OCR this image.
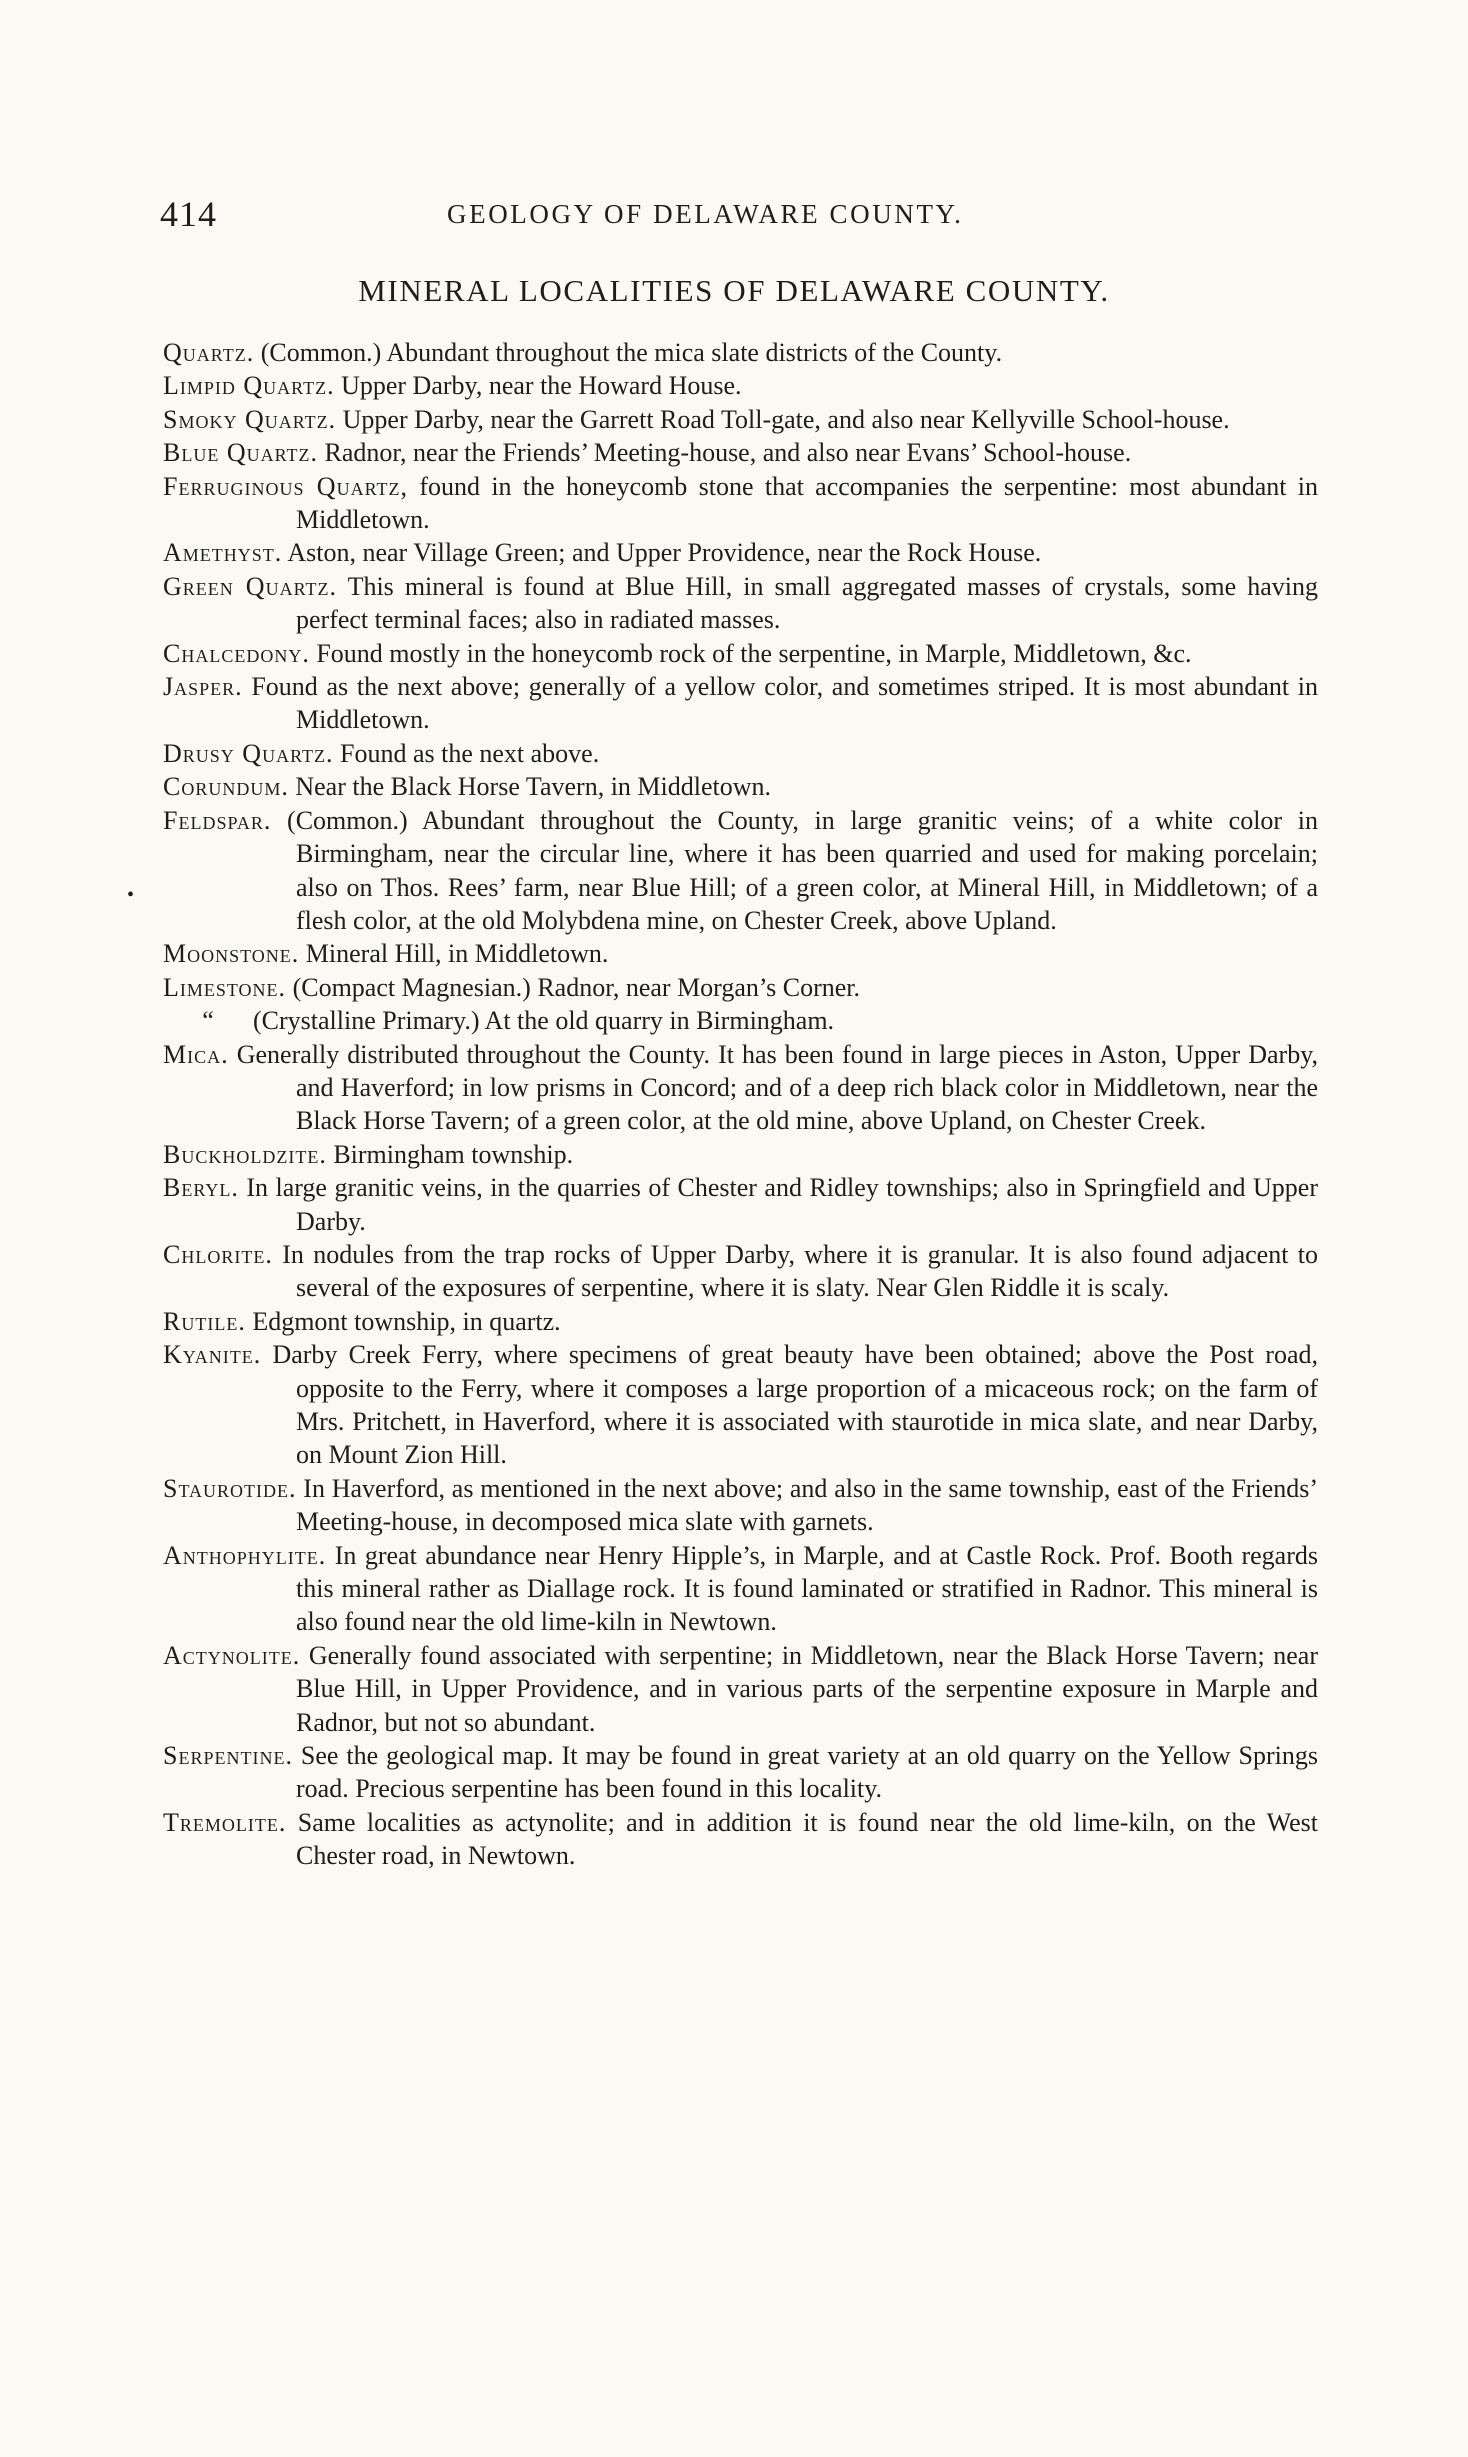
414	GEOLOGY OF DELAWARE COUNTY.
MINERAL LOCALITIES OF DELAWARE COUNTY.
•
Quartz. (Common.) Abundant throughout the mica slate districts of the County.
Limpid Quartz. Upper Darby, near the Howard House.
Smoky Quartz. Upper Darby, near the Garrett Road Toll-gate, and also near Kellyville School-house.
Blue Quartz. Radnor, near the Friends’ Meeting-house, and also near Evans’ School-house.
Ferruginous Quartz, found in the honeycomb stone that accompanies the serpentine: most abundant in Middletown.
Amethyst. Aston, near Village Green; and Upper Providence, near the Rock House.
Green Quartz. This mineral is found at Blue Hill, in small aggregated masses of crystals, some having perfect terminal faces; also in radiated masses.
Chalcedony. Found mostly in the honeycomb rock of the serpentine, in Marple, Middletown, &c.
Jasper. Found as the next above; generally of a yellow color, and sometimes striped. It is most abundant in Middletown.
Drusy Quartz. Found as the next above.
Corundum. Near the Black Horse Tavern, in Middletown.
Feldspar. (Common.) Abundant throughout the County, in large granitic veins; of a white color in Birmingham, near the circular line, where it has been quarried and used for making porcelain; also on Thos. Rees’ farm, near Blue Hill; of a green color, at Mineral Hill, in Middletown; of a flesh color, at the old Molybdena mine, on Chester Creek, above Upland.
Moonstone. Mineral Hill, in Middletown.
Limestone. (Compact Magnesian.) Radnor, near Morgan’s Corner.
“ (Crystalline Primary.) At the old quarry in Birmingham.
Mica. Generally distributed throughout the County. It has been found in large pieces in Aston, Upper Darby, and Haverford; in low prisms in Concord; and of a deep rich black color in Middletown, near the Black Horse Tavern; of a green color, at the old mine, above Upland, on Chester Creek.
Buckholdzite. Birmingham township.
Beryl. In large granitic veins, in the quarries of Chester and Ridley townships; also in Springfield and Upper Darby.
Chlorite. In nodules from the trap rocks of Upper Darby, where it is granular. It is also found adjacent to several of the exposures of serpentine, where it is slaty. Near Glen Riddle it is scaly.
Rutile. Edgmont township, in quartz.
Kyanite. Darby Creek Ferry, where specimens of great beauty have been obtained; above the Post road, opposite to the Ferry, where it composes a large proportion of a micaceous rock; on the farm of Mrs. Pritchett, in Haverford, where it is associated with staurotide in mica slate, and near Darby, on Mount Zion Hill.
Staurotide. In Haverford, as mentioned in the next above; and also in the same township, east of the Friends’ Meeting-house, in decomposed mica slate with garnets.
Anthophylite. In great abundance near Henry Hipple’s, in Marple, and at Castle Rock. Prof. Booth regards this mineral rather as Diallage rock. It is found laminated or stratified in Radnor. This mineral is also found near the old lime-kiln in Newtown.
Actynolite. Generally found associated with serpentine; in Middletown, near the Black Horse Tavern; near Blue Hill, in Upper Providence, and in various parts of the serpentine exposure in Marple and Radnor, but not so abundant.
Serpentine. See the geological map. It may be found in great variety at an old quarry on the Yellow Springs road. Precious serpentine has been found in this locality.
Tremolite. Same localities as actynolite; and in addition it is found near the old lime-kiln, on the West Chester road, in Newtown.
